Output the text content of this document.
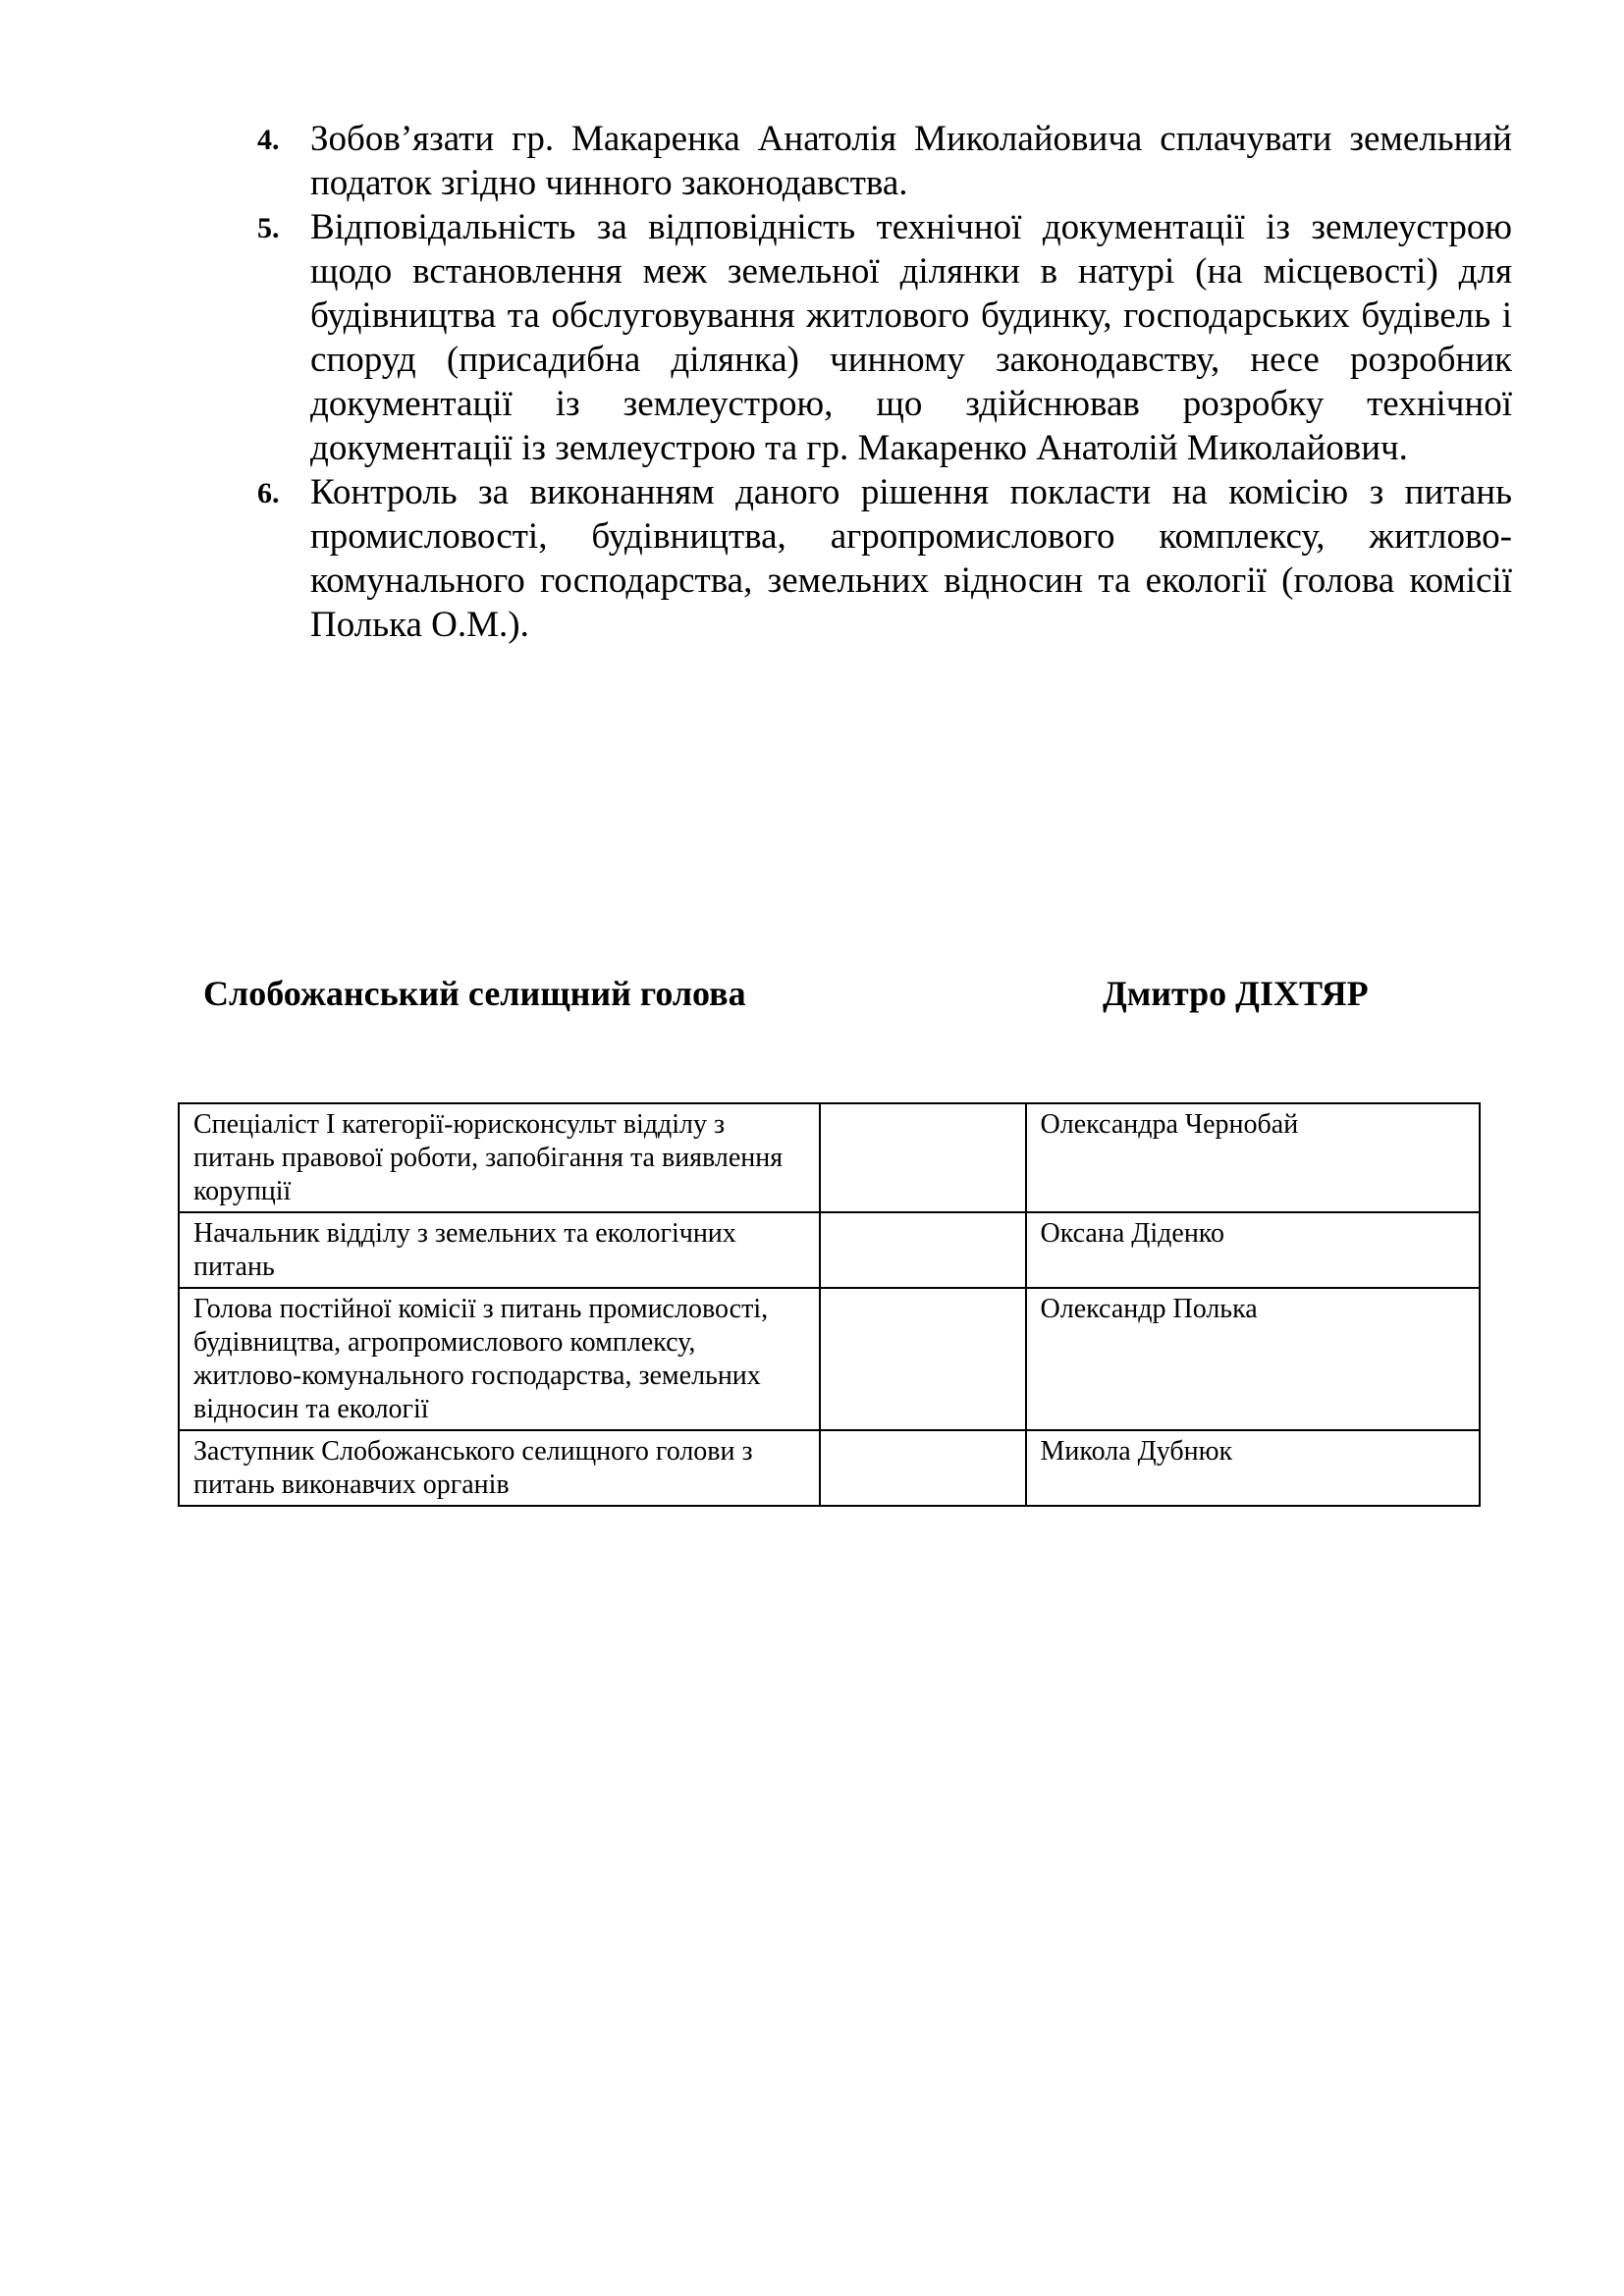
4. Зобов’язати гр. Макаренка Анатолія Миколайовича сплачувати земельний податок згідно чинного законодавства.
5. Відповідальність за відповідність технічної документації із землеустрою щодо встановлення меж земельної ділянки в натурі (на місцевості) для будівництва та обслуговування житлового будинку, господарських будівель і споруд (присадибна ділянка) чинному законодавству, несе розробник документації із землеустрою, що здійснював розробку технічної документації із землеустрою та гр. Макаренко Анатолій Миколайович.
6. Контроль за виконанням даного рішення покласти на комісію з питань промисловості, будівництва, агропромислового комплексу, житлово-комунального господарства, земельних відносин та екології (голова комісії Полька О.М.).
Слобожанський селищний голова	Дмитро ДІХТЯР
Спеціаліст І категорії-юрисконсульт відділу з питань правової роботи, запобігання та виявлення корупції		Олександра Чернобай
Начальник відділу з земельних та екологічних питань		Оксана Діденко
Голова постійної комісії з питань промисловості, будівництва, агропромислового комплексу, житлово-комунального господарства, земельних відносин та екології		Олександр Полька
Заступник Слобожанського селищного голови з питань виконавчих органів		Микола Дубнюк
